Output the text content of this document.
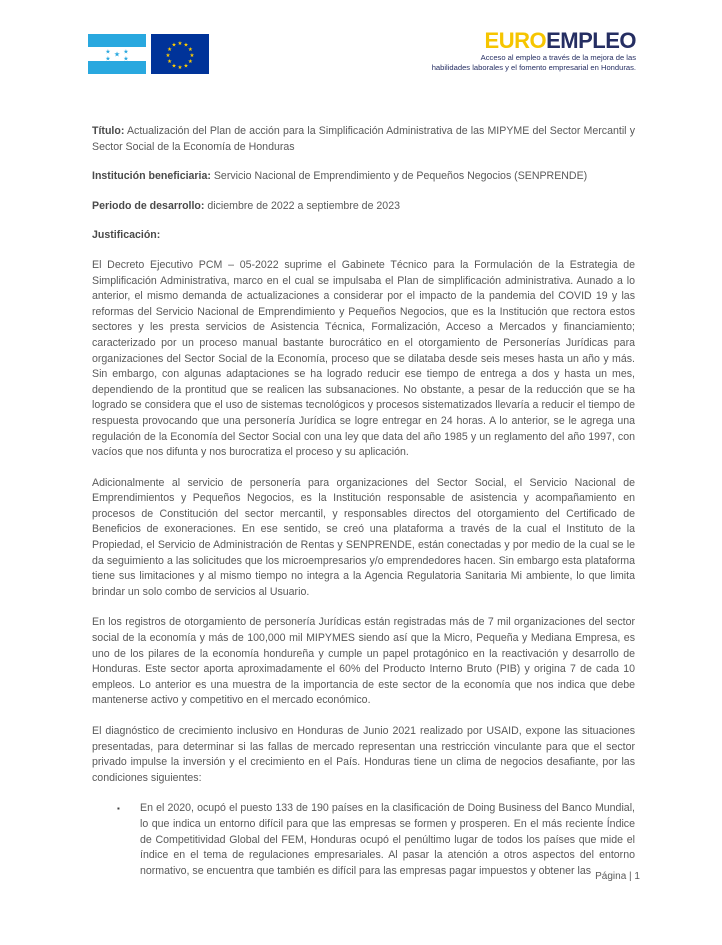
★
★ ★
★ ★
★ ★
★
★
★
★
★
★
★
★
★
★	EUROEMPLEO
Acceso al empleo a través de la mejora de las
habilidades laborales y el fomento empresarial en Honduras.

Título: Actualización del Plan de acción para la Simplificación Administrativa de las MIPYME del Sector Mercantil y Sector Social de la Economía de Honduras

Institución beneficiaria: Servicio Nacional de Emprendimiento y de Pequeños Negocios (SENPRENDE)

Periodo de desarrollo: diciembre de 2022 a septiembre de 2023

Justificación:

El Decreto Ejecutivo PCM – 05-2022 suprime el Gabinete Técnico para la Formulación de la Estrategia de Simplificación Administrativa, marco en el cual se impulsaba el Plan de simplificación administrativa. Aunado a lo anterior, el mismo demanda de actualizaciones a considerar por el impacto de la pandemia del COVID 19 y las reformas del Servicio Nacional de Emprendimiento y Pequeños Negocios, que es la Institución que rectora estos sectores y les presta servicios de Asistencia Técnica, Formalización, Acceso a Mercados y financiamiento; caracterizado por un proceso manual bastante burocrático en el otorgamiento de Personerías Jurídicas para organizaciones del Sector Social de la Economía, proceso que se dilataba desde seis meses hasta un año y más. Sin embargo, con algunas adaptaciones se ha logrado reducir ese tiempo de entrega a dos y hasta un mes, dependiendo de la prontitud que se realicen las subsanaciones. No obstante, a pesar de la reducción que se ha logrado se considera que el uso de sistemas tecnológicos y procesos sistematizados llevaría a reducir el tiempo de respuesta provocando que una personería Jurídica se logre entregar en 24 horas. A lo anterior, se le agrega una regulación de la Economía del Sector Social con una ley que data del año 1985 y un reglamento del año 1997, con vacíos que nos difunta y nos burocratiza el proceso y su aplicación.

Adicionalmente al servicio de personería para organizaciones del Sector Social, el Servicio Nacional de Emprendimientos y Pequeños Negocios, es la Institución responsable de asistencia y acompañamiento en procesos de Constitución del sector mercantil, y responsables directos del otorgamiento del Certificado de Beneficios de exoneraciones. En ese sentido, se creó una plataforma a través de la cual el Instituto de la Propiedad, el Servicio de Administración de Rentas y SENPRENDE, están conectadas y por medio de la cual se le da seguimiento a las solicitudes que los microempresarios y/o emprendedores hacen. Sin embargo esta plataforma tiene sus limitaciones y al mismo tiempo no integra a la Agencia Regulatoria Sanitaria Mi ambiente, lo que limita brindar un solo combo de servicios al Usuario.

En los registros de otorgamiento de personería Jurídicas están registradas más de 7 mil organizaciones del sector social de la economía y más de 100,000 mil MIPYMES siendo así que la Micro, Pequeña y Mediana Empresa, es uno de los pilares de la economía hondureña y cumple un papel protagónico en la reactivación y desarrollo de Honduras. Este sector aporta aproximadamente el 60% del Producto Interno Bruto (PIB) y origina 7 de cada 10 empleos. Lo anterior es una muestra de la importancia de este sector de la economía que nos indica que debe mantenerse activo y competitivo en el mercado económico.

El diagnóstico de crecimiento inclusivo en Honduras de Junio 2021 realizado por USAID, expone las situaciones presentadas, para determinar si las fallas de mercado representan una restricción vinculante para que el sector privado impulse la inversión y el crecimiento en el País. Honduras tiene un clima de negocios desafiante, por las condiciones siguientes:

▪	En el 2020, ocupó el puesto 133 de 190 países en la clasificación de Doing Business del Banco Mundial, lo que indica un entorno difícil para que las empresas se formen y prosperen. En el más reciente Índice de Competitividad Global del FEM, Honduras ocupó el penúltimo lugar de todos los países que mide el índice en el tema de regulaciones empresariales. Al pasar la atención a otros aspectos del entorno normativo, se encuentra que también es difícil para las empresas pagar impuestos y obtener las Página | 1
